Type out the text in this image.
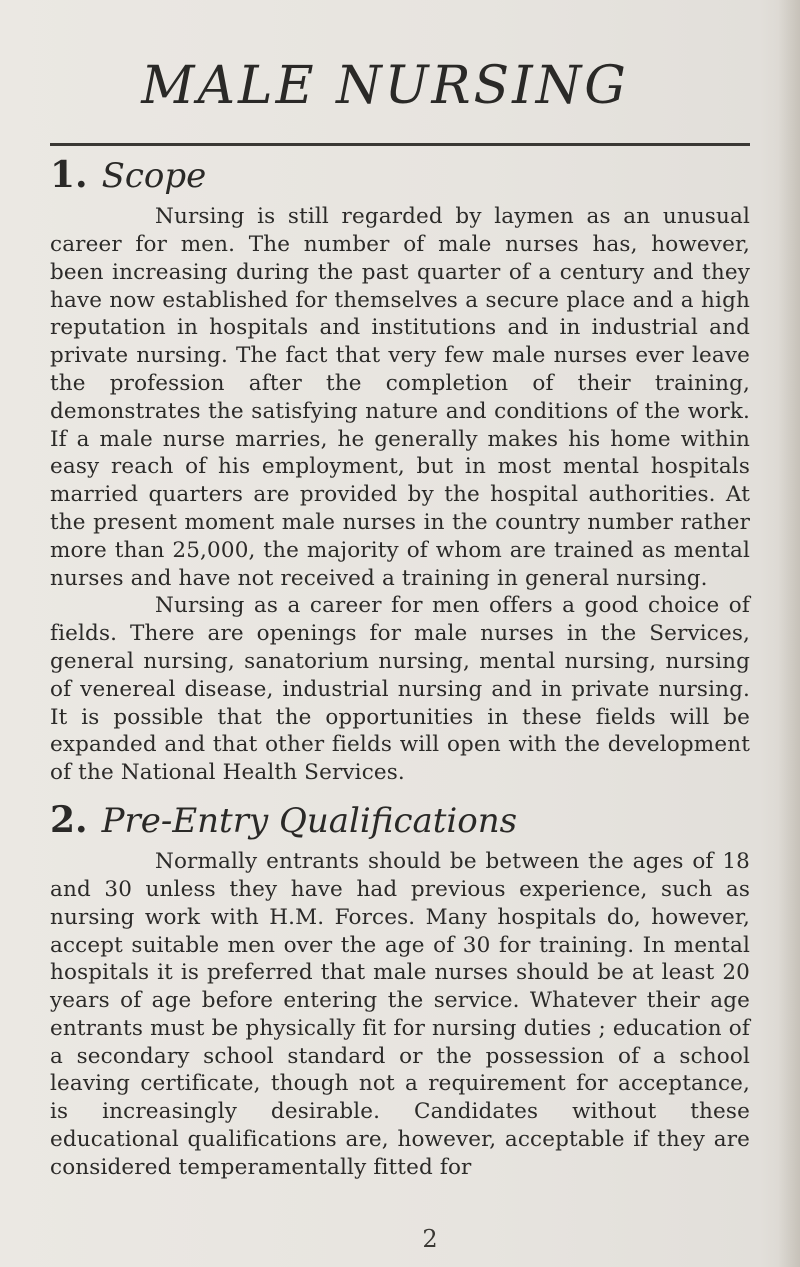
MALE NURSING
1. Scope

Nursing is still regarded by laymen as an unusual career for men. The number of male nurses has, however, been increasing during the past quarter of a century and they have now established for themselves a secure place and a high reputation in hospitals and institutions and in industrial and private nursing. The fact that very few male nurses ever leave the profession after the completion of their training, demonstrates the satisfying nature and conditions of the work. If a male nurse marries, he generally makes his home within easy reach of his employment, but in most mental hospitals married quarters are provided by the hospital authorities. At the present moment male nurses in the country number rather more than 25,000, the majority of whom are trained as mental nurses and have not received a training in general nursing.

Nursing as a career for men offers a good choice of fields. There are openings for male nurses in the Services, general nursing, sanatorium nursing, mental nursing, nursing of venereal disease, industrial nursing and in private nursing. It is possible that the opportunities in these fields will be expanded and that other fields will open with the development of the National Health Services.

2. Pre-Entry Qualifications

Normally entrants should be between the ages of 18 and 30 unless they have had previous experience, such as nursing work with H.M. Forces. Many hospitals do, however, accept suitable men over the age of 30 for training. In mental hospitals it is preferred that male nurses should be at least 20 years of age before entering the service. Whatever their age entrants must be physically fit for nursing duties ; education of a secondary school standard or the possession of a school leaving certificate, though not a requirement for acceptance, is increasingly desirable. Candidates without these educational qualifications are, however, acceptable if they are considered temperamentally fitted for

2
